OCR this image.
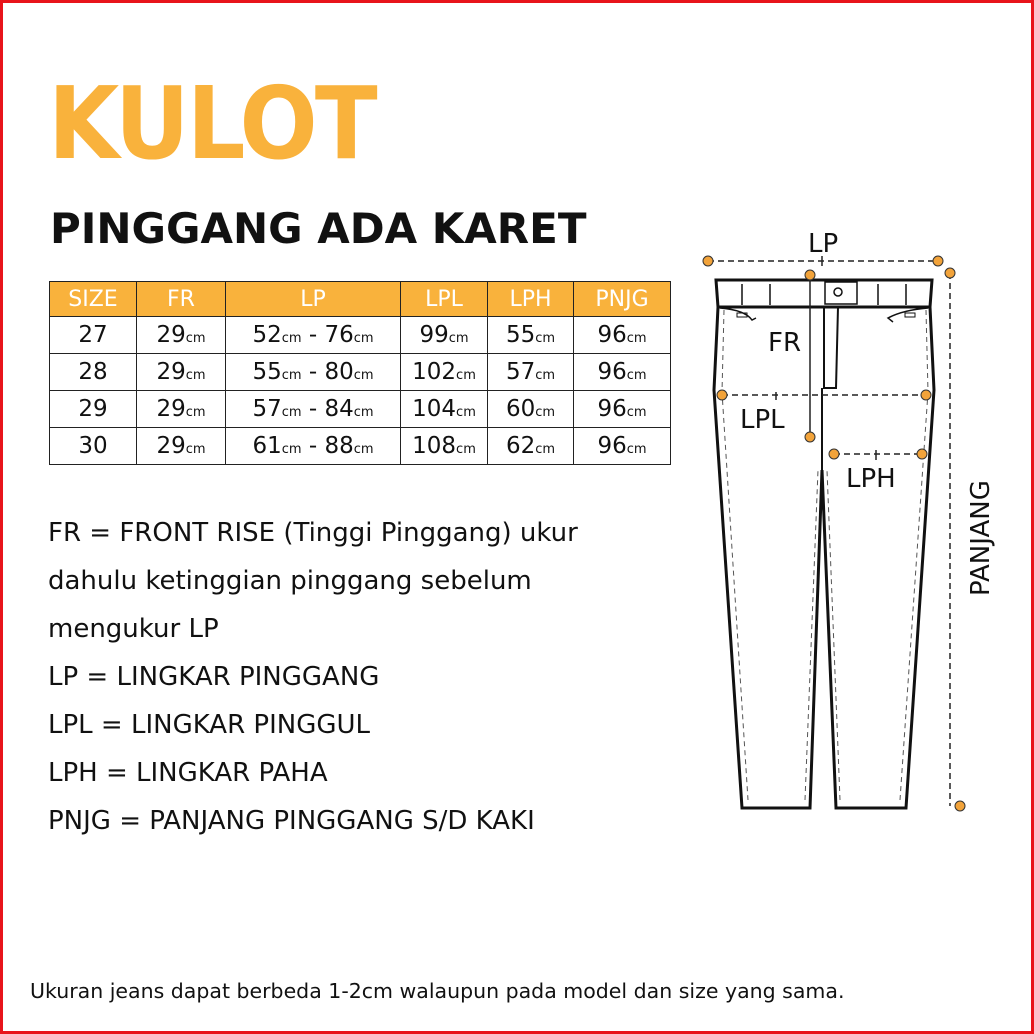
KULOT
PINGGANG ADA KARET
SIZE	FR	LP	LPL	LPH	PNJG
27	29cm	52cm - 76cm	99cm	55cm	96cm
28	29cm	55cm - 80cm	102cm	57cm	96cm
29	29cm	57cm - 84cm	104cm	60cm	96cm
30	29cm	61cm - 88cm	108cm	62cm	96cm
FR = FRONT RISE (Tinggi Pinggang) ukur
dahulu ketinggian pinggang sebelum
mengukur LP
LP = LINGKAR PINGGANG
LPL = LINGKAR PINGGUL
LPH = LINGKAR PAHA
PNJG = PANJANG PINGGANG S/D KAKI
LP
FR
LPL
LPH
PANJANG
Ukuran jeans dapat berbeda 1-2cm walaupun pada model dan size yang sama.
